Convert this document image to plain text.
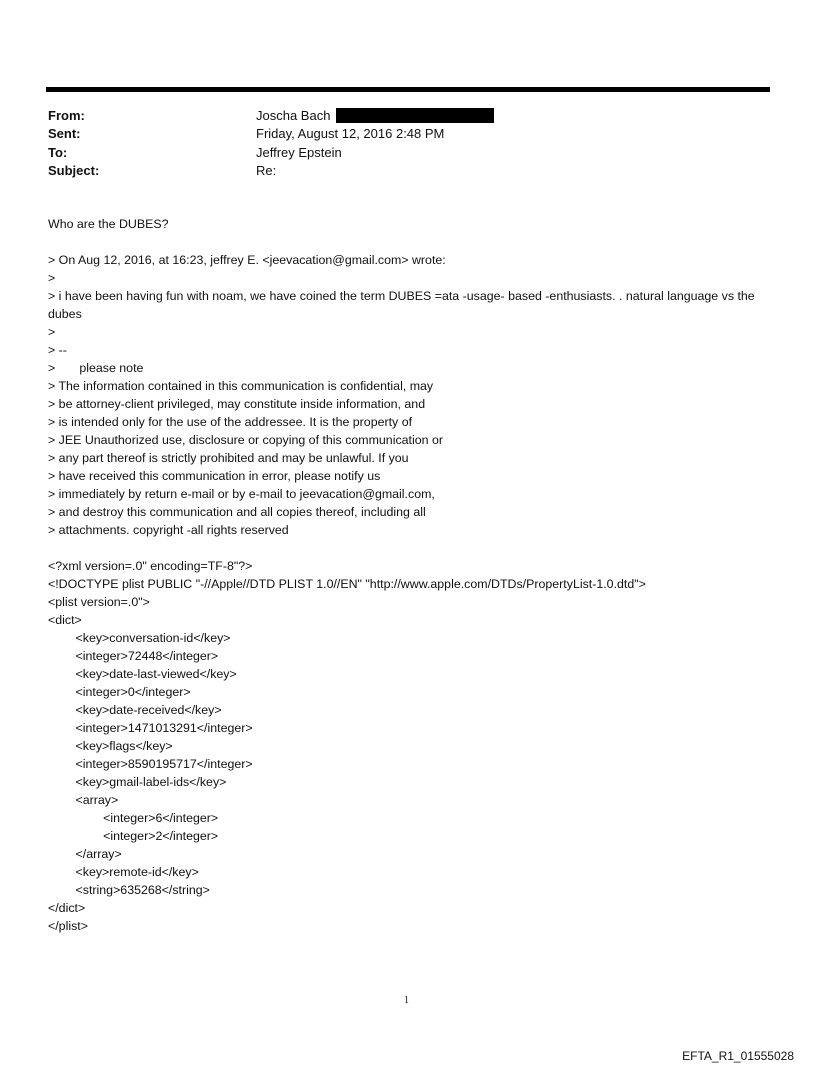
From:	Joscha Bach
Sent:	Friday, August 12, 2016 2:48 PM
To:	Jeffrey Epstein
Subject:	Re:
Who are the DUBES?
> On Aug 12, 2016, at 16:23, jeffrey E. <jeevacation@gmail.com> wrote:
>
> i have been having fun with noam, we have coined the term DUBES =ata -usage- based -enthusiasts. . natural language vs the dubes
>
> --
>       please note
> The information contained in this communication is confidential, may
> be attorney-client privileged, may constitute inside information, and
> is intended only for the use of the addressee. It is the property of
> JEE Unauthorized use, disclosure or copying of this communication or
> any part thereof is strictly prohibited and may be unlawful. If you
> have received this communication in error, please notify us
> immediately by return e-mail or by e-mail to jeevacation@gmail.com,
> and destroy this communication and all copies thereof, including all
> attachments. copyright -all rights reserved
<?xml version=.0" encoding=TF-8"?>
<!DOCTYPE plist PUBLIC "-//Apple//DTD PLIST 1.0//EN" "http://www.apple.com/DTDs/PropertyList-1.0.dtd">
<plist version=.0">
<dict>
<key>conversation-id</key>
<integer>72448</integer>
<key>date-last-viewed</key>
<integer>0</integer>
<key>date-received</key>
<integer>1471013291</integer>
<key>flags</key>
<integer>8590195717</integer>
<key>gmail-label-ids</key>
<array>
<integer>6</integer>
<integer>2</integer>
</array>
<key>remote-id</key>
<string>635268</string>
</dict>
</plist>
1
EFTA_R1_01555028
